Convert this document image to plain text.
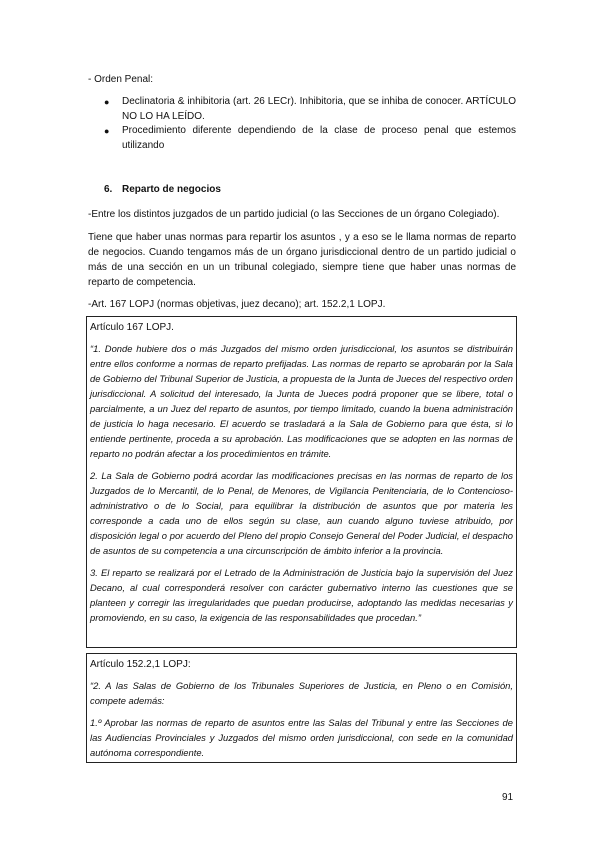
- Orden Penal:
● Declinatoria & inhibitoria (art. 26 LECr). Inhibitoria, que se inhiba de conocer. ARTÍCULO NO LO HA LEÍDO.
● Procedimiento diferente dependiendo de la clase de proceso penal que estemos utilizando
6. Reparto de negocios

-Entre los distintos juzgados de un partido judicial (o las Secciones de un órgano Colegiado).

Tiene que haber unas normas para repartir los asuntos , y a eso se le llama normas de reparto de negocios. Cuando tengamos más de un órgano jurisdiccional dentro de un partido judicial o más de una sección en un un tribunal colegiado, siempre tiene que haber unas normas de reparto de competencia.

-Art. 167 LOPJ (normas objetivas, juez decano); art. 152.2,1 LOPJ.

Artículo 167 LOPJ.

“1. Donde hubiere dos o más Juzgados del mismo orden jurisdiccional, los asuntos se distribuirán entre ellos conforme a normas de reparto prefijadas. Las normas de reparto se aprobarán por la Sala de Gobierno del Tribunal Superior de Justicia, a propuesta de la Junta de Jueces del respectivo orden jurisdiccional. A solicitud del interesado, la Junta de Jueces podrá proponer que se libere, total o parcialmente, a un Juez del reparto de asuntos, por tiempo limitado, cuando la buena administración de justicia lo haga necesario. El acuerdo se trasladará a la Sala de Gobierno para que ésta, si lo entiende pertinente, proceda a su aprobación. Las modificaciones que se adopten en las normas de reparto no podrán afectar a los procedimientos en trámite.

2. La Sala de Gobierno podrá acordar las modificaciones precisas en las normas de reparto de los Juzgados de lo Mercantil, de lo Penal, de Menores, de Vigilancia Penitenciaria, de lo Contencioso-administrativo o de lo Social, para equilibrar la distribución de asuntos que por materia les corresponde a cada uno de ellos según su clase, aun cuando alguno tuviese atribuido, por disposición legal o por acuerdo del Pleno del propio Consejo General del Poder Judicial, el despacho de asuntos de su competencia a una circunscripción de ámbito inferior a la provincia.

3. El reparto se realizará por el Letrado de la Administración de Justicia bajo la supervisión del Juez Decano, al cual corresponderá resolver con carácter gubernativo interno las cuestiones que se planteen y corregir las irregularidades que puedan producirse, adoptando las medidas necesarias y promoviendo, en su caso, la exigencia de las responsabilidades que procedan.”

Artículo 152.2,1 LOPJ:

“2. A las Salas de Gobierno de los Tribunales Superiores de Justicia, en Pleno o en Comisión, compete además:

1.º Aprobar las normas de reparto de asuntos entre las Salas del Tribunal y entre las Secciones de las Audiencias Provinciales y Juzgados del mismo orden jurisdiccional, con sede en la comunidad autónoma correspondiente.

91
